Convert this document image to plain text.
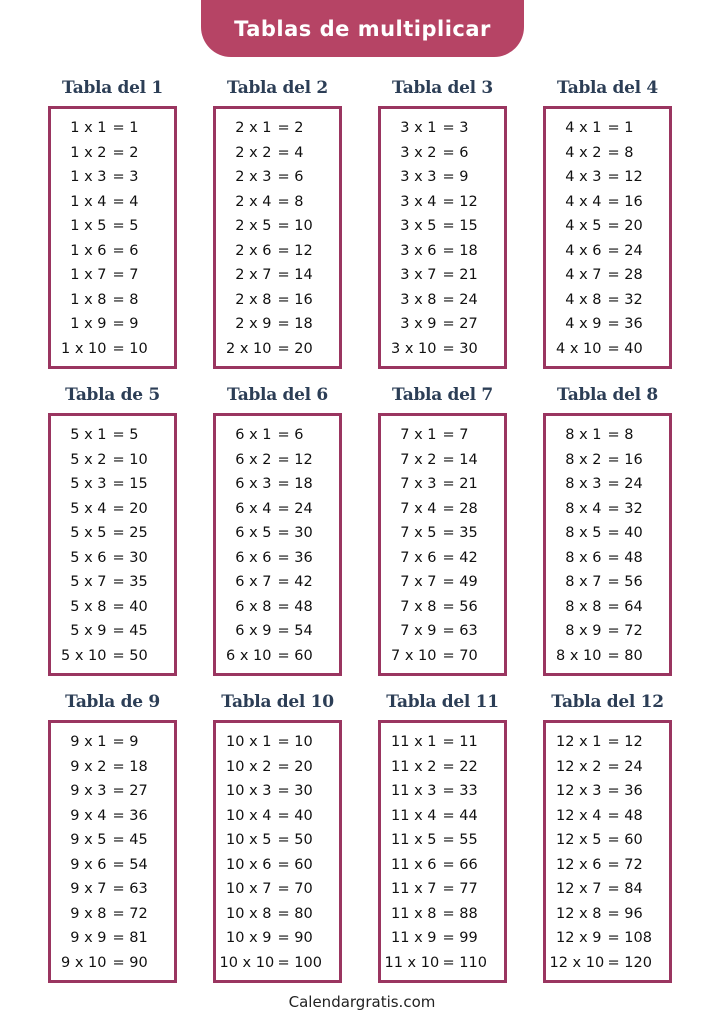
Tablas de multiplicar
Tabla del 1
1 x 1 = 1
1 x 2 = 2
1 x 3 = 3
1 x 4 = 4
1 x 5 = 5
1 x 6 = 6
1 x 7 = 7
1 x 8 = 8
1 x 9 = 9
1 x 10 = 10
Tabla del 2
2 x 1 = 2
2 x 2 = 4
2 x 3 = 6
2 x 4 = 8
2 x 5 = 10
2 x 6 = 12
2 x 7 = 14
2 x 8 = 16
2 x 9 = 18
2 x 10 = 20
Tabla del 3
3 x 1 = 3
3 x 2 = 6
3 x 3 = 9
3 x 4 = 12
3 x 5 = 15
3 x 6 = 18
3 x 7 = 21
3 x 8 = 24
3 x 9 = 27
3 x 10 = 30
Tabla del 4
4 x 1 = 1
4 x 2 = 8
4 x 3 = 12
4 x 4 = 16
4 x 5 = 20
4 x 6 = 24
4 x 7 = 28
4 x 8 = 32
4 x 9 = 36
4 x 10 = 40
Tabla de 5
5 x 1 = 5
5 x 2 = 10
5 x 3 = 15
5 x 4 = 20
5 x 5 = 25
5 x 6 = 30
5 x 7 = 35
5 x 8 = 40
5 x 9 = 45
5 x 10 = 50
Tabla del 6
6 x 1 = 6
6 x 2 = 12
6 x 3 = 18
6 x 4 = 24
6 x 5 = 30
6 x 6 = 36
6 x 7 = 42
6 x 8 = 48
6 x 9 = 54
6 x 10 = 60
Tabla del 7
7 x 1 = 7
7 x 2 = 14
7 x 3 = 21
7 x 4 = 28
7 x 5 = 35
7 x 6 = 42
7 x 7 = 49
7 x 8 = 56
7 x 9 = 63
7 x 10 = 70
Tabla del 8
8 x 1 = 8
8 x 2 = 16
8 x 3 = 24
8 x 4 = 32
8 x 5 = 40
8 x 6 = 48
8 x 7 = 56
8 x 8 = 64
8 x 9 = 72
8 x 10 = 80
Tabla de 9
9 x 1 = 9
9 x 2 = 18
9 x 3 = 27
9 x 4 = 36
9 x 5 = 45
9 x 6 = 54
9 x 7 = 63
9 x 8 = 72
9 x 9 = 81
9 x 10 = 90
Tabla del 10
10 x 1 = 10
10 x 2 = 20
10 x 3 = 30
10 x 4 = 40
10 x 5 = 50
10 x 6 = 60
10 x 7 = 70
10 x 8 = 80
10 x 9 = 90
10 x 10 = 100
Tabla del 11
11 x 1 = 11
11 x 2 = 22
11 x 3 = 33
11 x 4 = 44
11 x 5 = 55
11 x 6 = 66
11 x 7 = 77
11 x 8 = 88
11 x 9 = 99
11 x 10 = 110
Tabla del 12
12 x 1 = 12
12 x 2 = 24
12 x 3 = 36
12 x 4 = 48
12 x 5 = 60
12 x 6 = 72
12 x 7 = 84
12 x 8 = 96
12 x 9 = 108
12 x 10 = 120
Calendargratis.com
